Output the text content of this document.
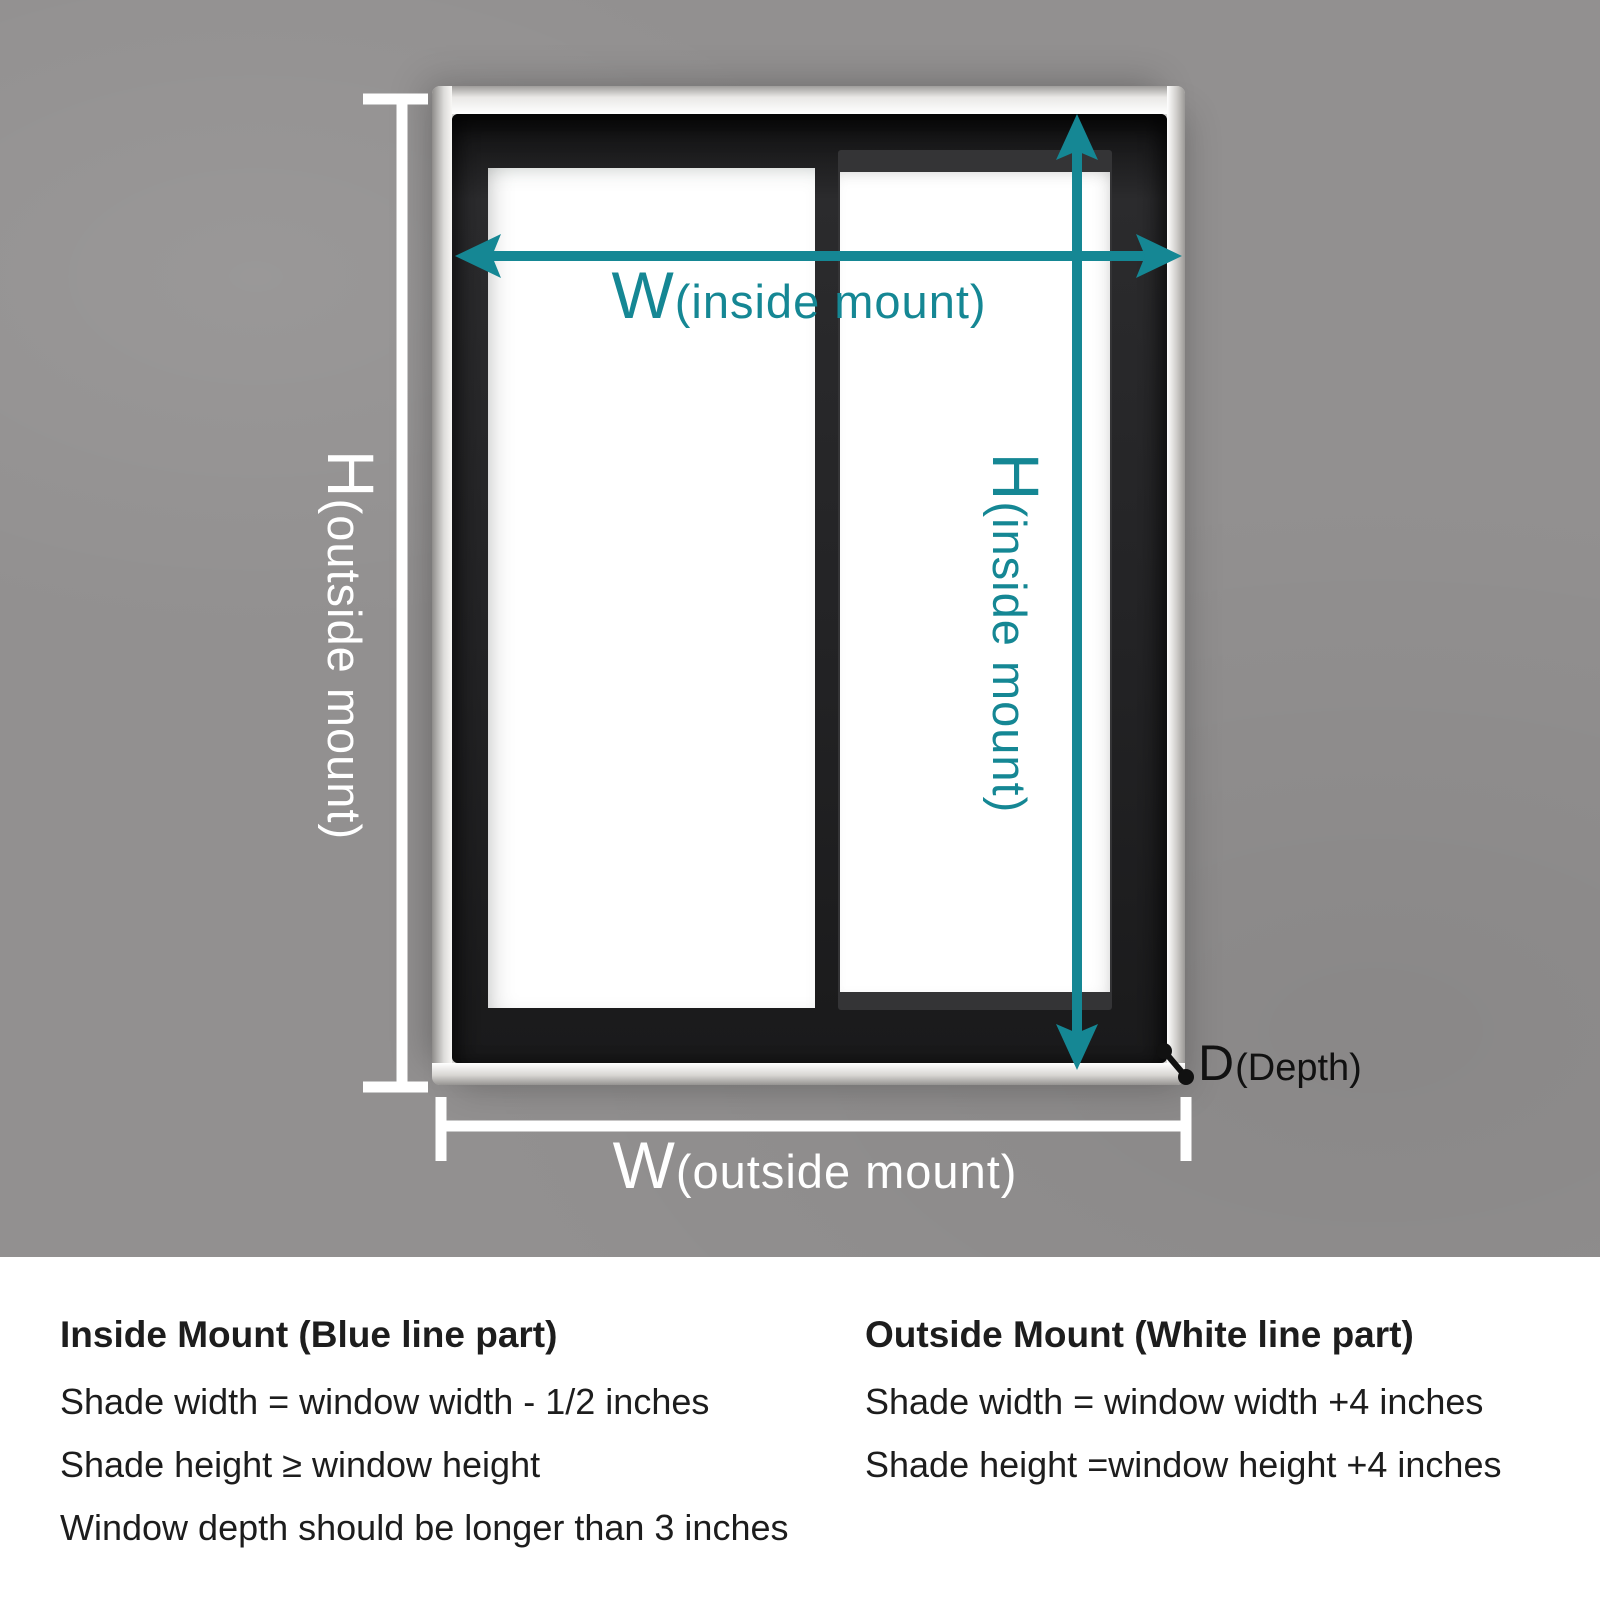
W(inside mount)
H(inside mount)
H(outside mount)
W(outside mount)
D(Depth)
Inside Mount (Blue line part)
Shade width = window width - 1/2 inches
Shade height ≥ window height
Window depth should be longer than 3 inches
Outside Mount (White line part)
Shade width = window width +4 inches
Shade height =window height +4 inches
